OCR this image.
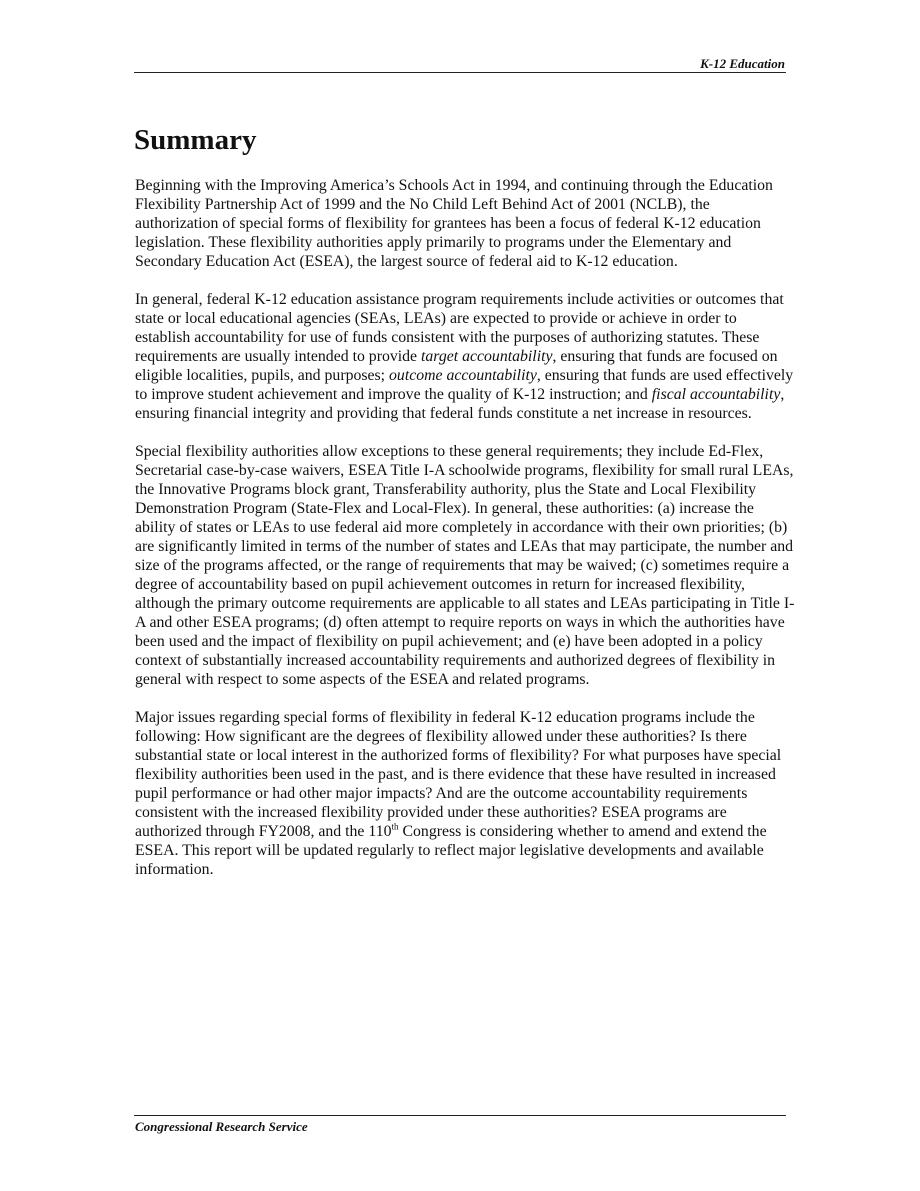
K-12 Education
Summary

Beginning with the Improving America’s Schools Act in 1994, and continuing through the Education Flexibility Partnership Act of 1999 and the No Child Left Behind Act of 2001 (NCLB), the authorization of special forms of flexibility for grantees has been a focus of federal K-12 education legislation. These flexibility authorities apply primarily to programs under the Elementary and Secondary Education Act (ESEA), the largest source of federal aid to K-12 education.

In general, federal K-12 education assistance program requirements include activities or outcomes that state or local educational agencies (SEAs, LEAs) are expected to provide or achieve in order to establish accountability for use of funds consistent with the purposes of authorizing statutes. These requirements are usually intended to provide target accountability, ensuring that funds are focused on eligible localities, pupils, and purposes; outcome accountability, ensuring that funds are used effectively to improve student achievement and improve the quality of K-12 instruction; and fiscal accountability, ensuring financial integrity and providing that federal funds constitute a net increase in resources.

Special flexibility authorities allow exceptions to these general requirements; they include Ed-Flex, Secretarial case-by-case waivers, ESEA Title I-A schoolwide programs, flexibility for small rural LEAs, the Innovative Programs block grant, Transferability authority, plus the State and Local Flexibility Demonstration Program (State-Flex and Local-Flex). In general, these authorities: (a) increase the ability of states or LEAs to use federal aid more completely in accordance with their own priorities; (b) are significantly limited in terms of the number of states and LEAs that may participate, the number and size of the programs affected, or the range of requirements that may be waived; (c) sometimes require a degree of accountability based on pupil achievement outcomes in return for increased flexibility, although the primary outcome requirements are applicable to all states and LEAs participating in Title I-A and other ESEA programs; (d) often attempt to require reports on ways in which the authorities have been used and the impact of flexibility on pupil achievement; and (e) have been adopted in a policy context of substantially increased accountability requirements and authorized degrees of flexibility in general with respect to some aspects of the ESEA and related programs.

Major issues regarding special forms of flexibility in federal K-12 education programs include the following: How significant are the degrees of flexibility allowed under these authorities? Is there substantial state or local interest in the authorized forms of flexibility? For what purposes have special flexibility authorities been used in the past, and is there evidence that these have resulted in increased pupil performance or had other major impacts? And are the outcome accountability requirements consistent with the increased flexibility provided under these authorities? ESEA programs are authorized through FY2008, and the 110th Congress is considering whether to amend and extend the ESEA. This report will be updated regularly to reflect major legislative developments and available information.

Congressional Research Service
